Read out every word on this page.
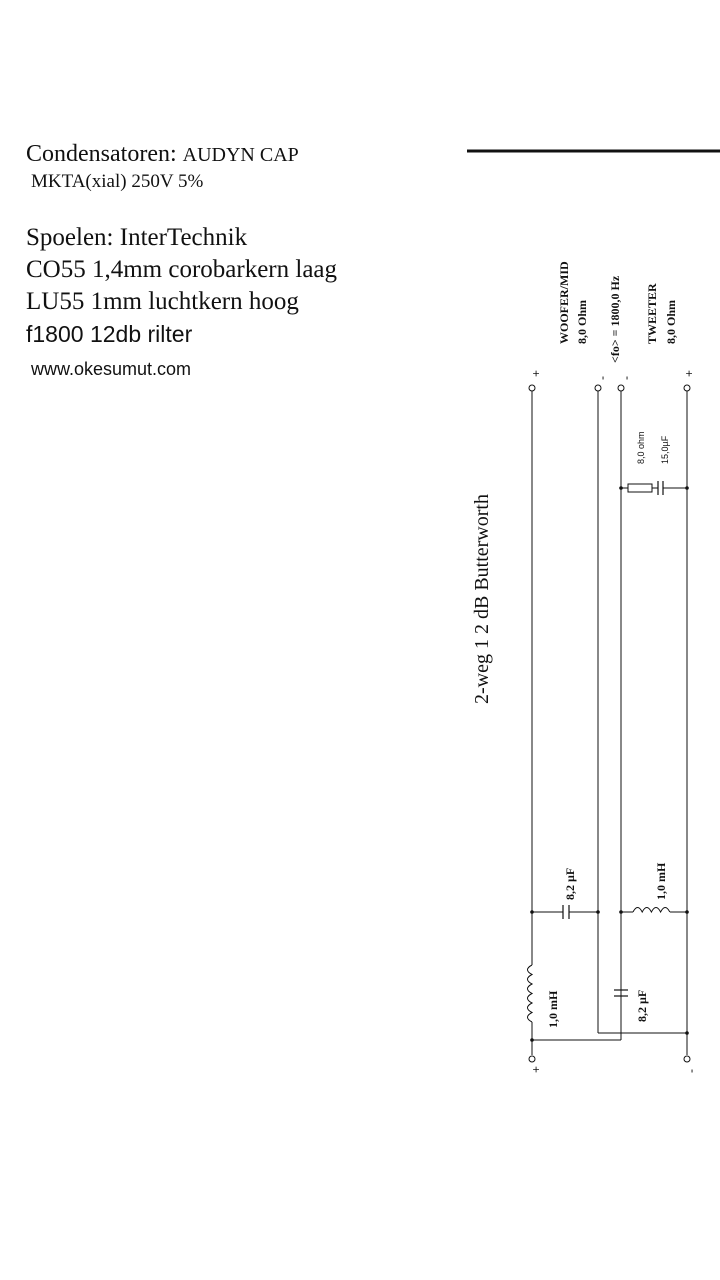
Condensatoren: AUDYN CAP
MKTA(xial) 250V 5%
Spoelen: InterTechnik
CO55 1,4mm corobarkern laag
LU55 1mm luchtkern hoog
f1800 12db rilter
www.okesumut.com
2-weg 1 2 dB Butterworth
WOOFER/MID 8,0 Ohm <fo> = 1800,0 Hz TWEETER 8,0 Ohm
+
- -
+
8,0 ohm 15,0µF
8,2 µF	1,0 mH
1,0 mH	8,2 µF
+	-
